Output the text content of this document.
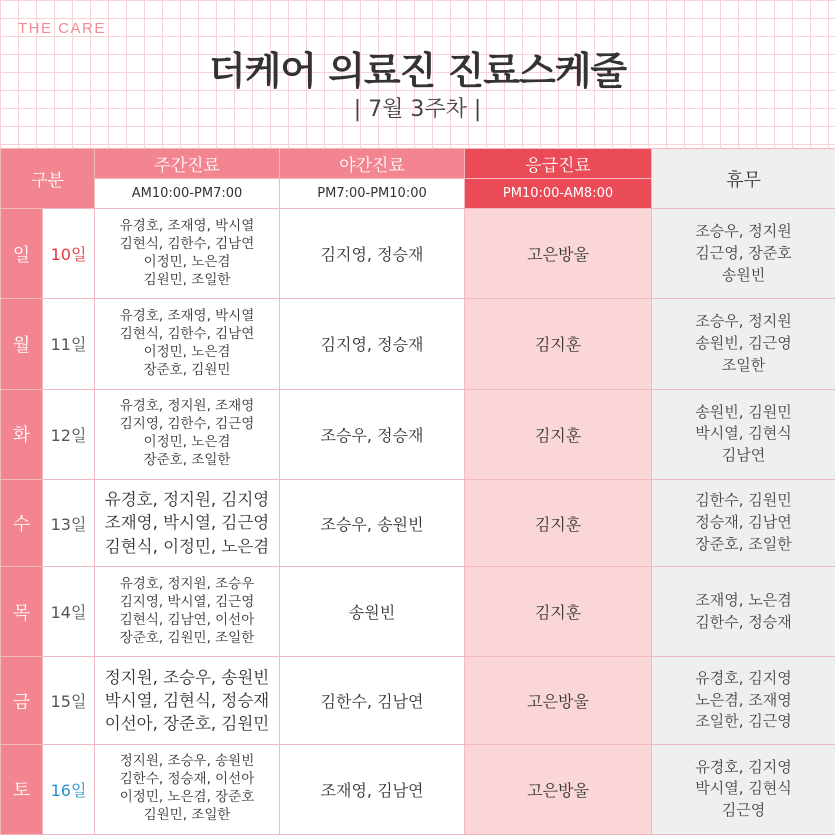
THE CARE
더케어 의료진 진료스케줄
| 7월 3주차 |
구분		주간진료	야간진료	응급진료	휴무
		AM10:00-PM7:00	PM7:00-PM10:00	PM10:00-AM8:00	
일	10일	유경호, 조재영, 박시열
김현식, 김한수, 김남연
이정민, 노은겸
김원민, 조일한	김지영, 정승재	고은방울	조승우, 정지원
김근영, 장준호
송원빈

월	11일	유경호, 조재영, 박시열
김현식, 김한수, 김남연
이정민, 노은겸
장준호, 김원민	김지영, 정승재	김지훈	조승우, 정지원
송원빈, 김근영
조일한

화	12일	유경호, 정지원, 조재영
김지영, 김한수, 김근영
이정민, 노은겸
장준호, 조일한	조승우, 정승재	김지훈	송원빈, 김원민
박시열, 김현식
김남연

수	13일	유경호, 정지원, 김지영
조재영, 박시열, 김근영
김현식, 이정민, 노은겸	조승우, 송원빈	김지훈	김한수, 김원민
정승재, 김남연
장준호, 조일한

목	14일	유경호, 정지원, 조승우
김지영, 박시열, 김근영
김현식, 김남연, 이선아
장준호, 김원민, 조일한	송원빈	김지훈	조재영, 노은겸
김한수, 정승재

금	15일	정지원, 조승우, 송원빈
박시열, 김현식, 정승재
이선아, 장준호, 김원민	김한수, 김남연	고은방울	유경호, 김지영
노은겸, 조재영
조일한, 김근영

토	16일	정지원, 조승우, 송원빈
김한수, 정승재, 이선아
이정민, 노은겸, 장준호
김원민, 조일한	조재영, 김남연	고은방울	유경호, 김지영
박시열, 김현식
김근영
